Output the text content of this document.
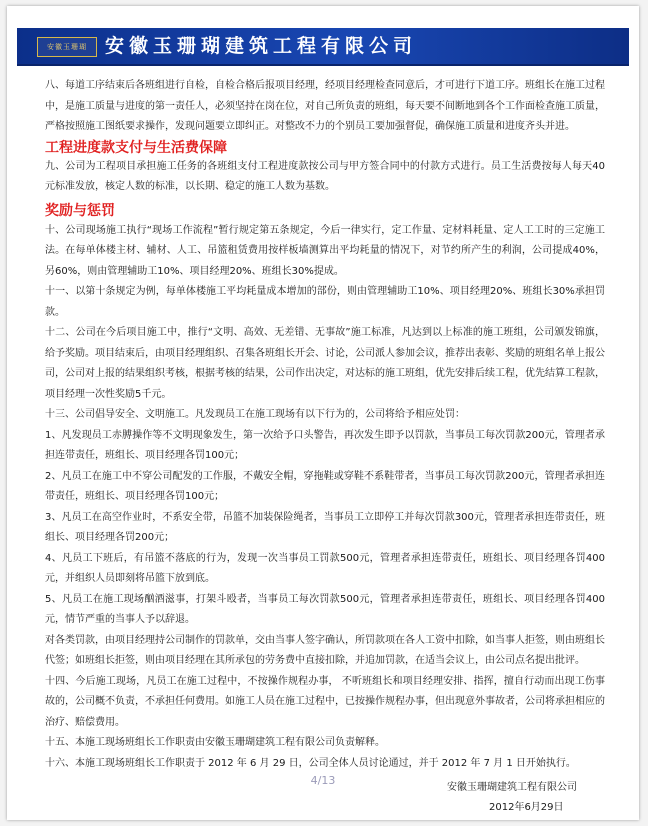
安徽玉珊瑚 安徽玉珊瑚建筑工程有限公司

八、每道工序结束后各班组进行自检，自检合格后报项目经理，经项目经理检查同意后，才可进行下道工序。班组长在施工过程中，是施工质量与进度的第一责任人，必须坚持在岗在位，对自己所负责的班组，每天要不间断地到各个工作面检查施工质量，严格按照施工图纸要求操作，发现问题要立即纠正。对整改不力的个别员工要加强督促，确保施工质量和进度齐头并进。

工程进度款支付与生活费保障

九、公司为工程项目承担施工任务的各班组支付工程进度款按公司与甲方签合同中的付款方式进行。员工生活费按每人每天40元标准发放，核定人数的标准，以长期、稳定的施工人数为基数。

奖励与惩罚

十、公司现场施工执行“现场工作流程”暂行规定第五条规定，今后一律实行，定工作量、定材料耗量、定人工工时的三定施工法。在每单体楼主材、辅材、人工、吊篮租赁费用按样板墙测算出平均耗量的情况下，对节约所产生的利润，公司提成40%，另60%，则由管理辅助工10%、项目经理20%、班组长30%提成。

十一、以第十条规定为例，每单体楼施工平均耗量成本增加的部份，则由管理辅助工10%、项目经理20%、班组长30%承担罚款。

十二、公司在今后项目施工中，推行“文明、高效、无差错、无事故”施工标准，凡达到以上标准的施工班组，公司颁发锦旗，给予奖励。项目结束后，由项目经理组织、召集各班组长开会、讨论，公司派人参加会议，推荐出表彰、奖励的班组名单上报公司，公司对上报的结果组织考核，根据考核的结果，公司作出决定，对达标的施工班组，优先安排后续工程，优先结算工程款，项目经理一次性奖励5千元。

十三、公司倡导安全、文明施工。凡发现员工在施工现场有以下行为的，公司将给予相应处罚：

1、凡发现员工赤膊操作等不文明现象发生，第一次给予口头警告，再次发生即予以罚款，当事员工每次罚款200元，管理者承担连带责任，班组长、项目经理各罚100元；

2、凡员工在施工中不穿公司配发的工作服，不戴安全帽，穿拖鞋或穿鞋不系鞋带者，当事员工每次罚款200元，管理者承担连带责任，班组长、项目经理各罚100元；

3、凡员工在高空作业时，不系安全带，吊篮不加装保险绳者，当事员工立即停工并每次罚款300元，管理者承担连带责任，班组长、项目经理各罚200元；

4、凡员工下班后，有吊篮不落底的行为，发现一次当事员工罚款500元，管理者承担连带责任，班组长、项目经理各罚400元，并组织人员即刻将吊篮下放到底。

5、凡员工在施工现场酗酒滋事，打架斗殴者，当事员工每次罚款500元，管理者承担连带责任，班组长、项目经理各罚400元，情节严重的当事人予以辞退。

对各类罚款，由项目经理持公司制作的罚款单，交由当事人签字确认，所罚款项在各人工资中扣除，如当事人拒签，则由班组长代签；如班组长拒签，则由项目经理在其所承包的劳务费中直接扣除，并追加罚款，在适当会议上，由公司点名提出批评。

十四、今后施工现场，凡员工在施工过程中，不按操作规程办事， 不听班组长和项目经理安排、指挥，擅自行动而出现工伤事故的，公司概不负责，不承担任何费用。如施工人员在施工过程中，已按操作规程办事，但出现意外事故者，公司将承担相应的治疗、赔偿费用。

十五、本施工现场班组长工作职责由安徽玉珊瑚建筑工程有限公司负责解释。

十六、本施工现场班组长工作职责于 2012 年 6 月 29 日，公司全体人员讨论通过，并于 2012 年 7 月 1 日开始执行。

4/13
安徽玉珊瑚建筑工程有限公司
2012年6月29日
